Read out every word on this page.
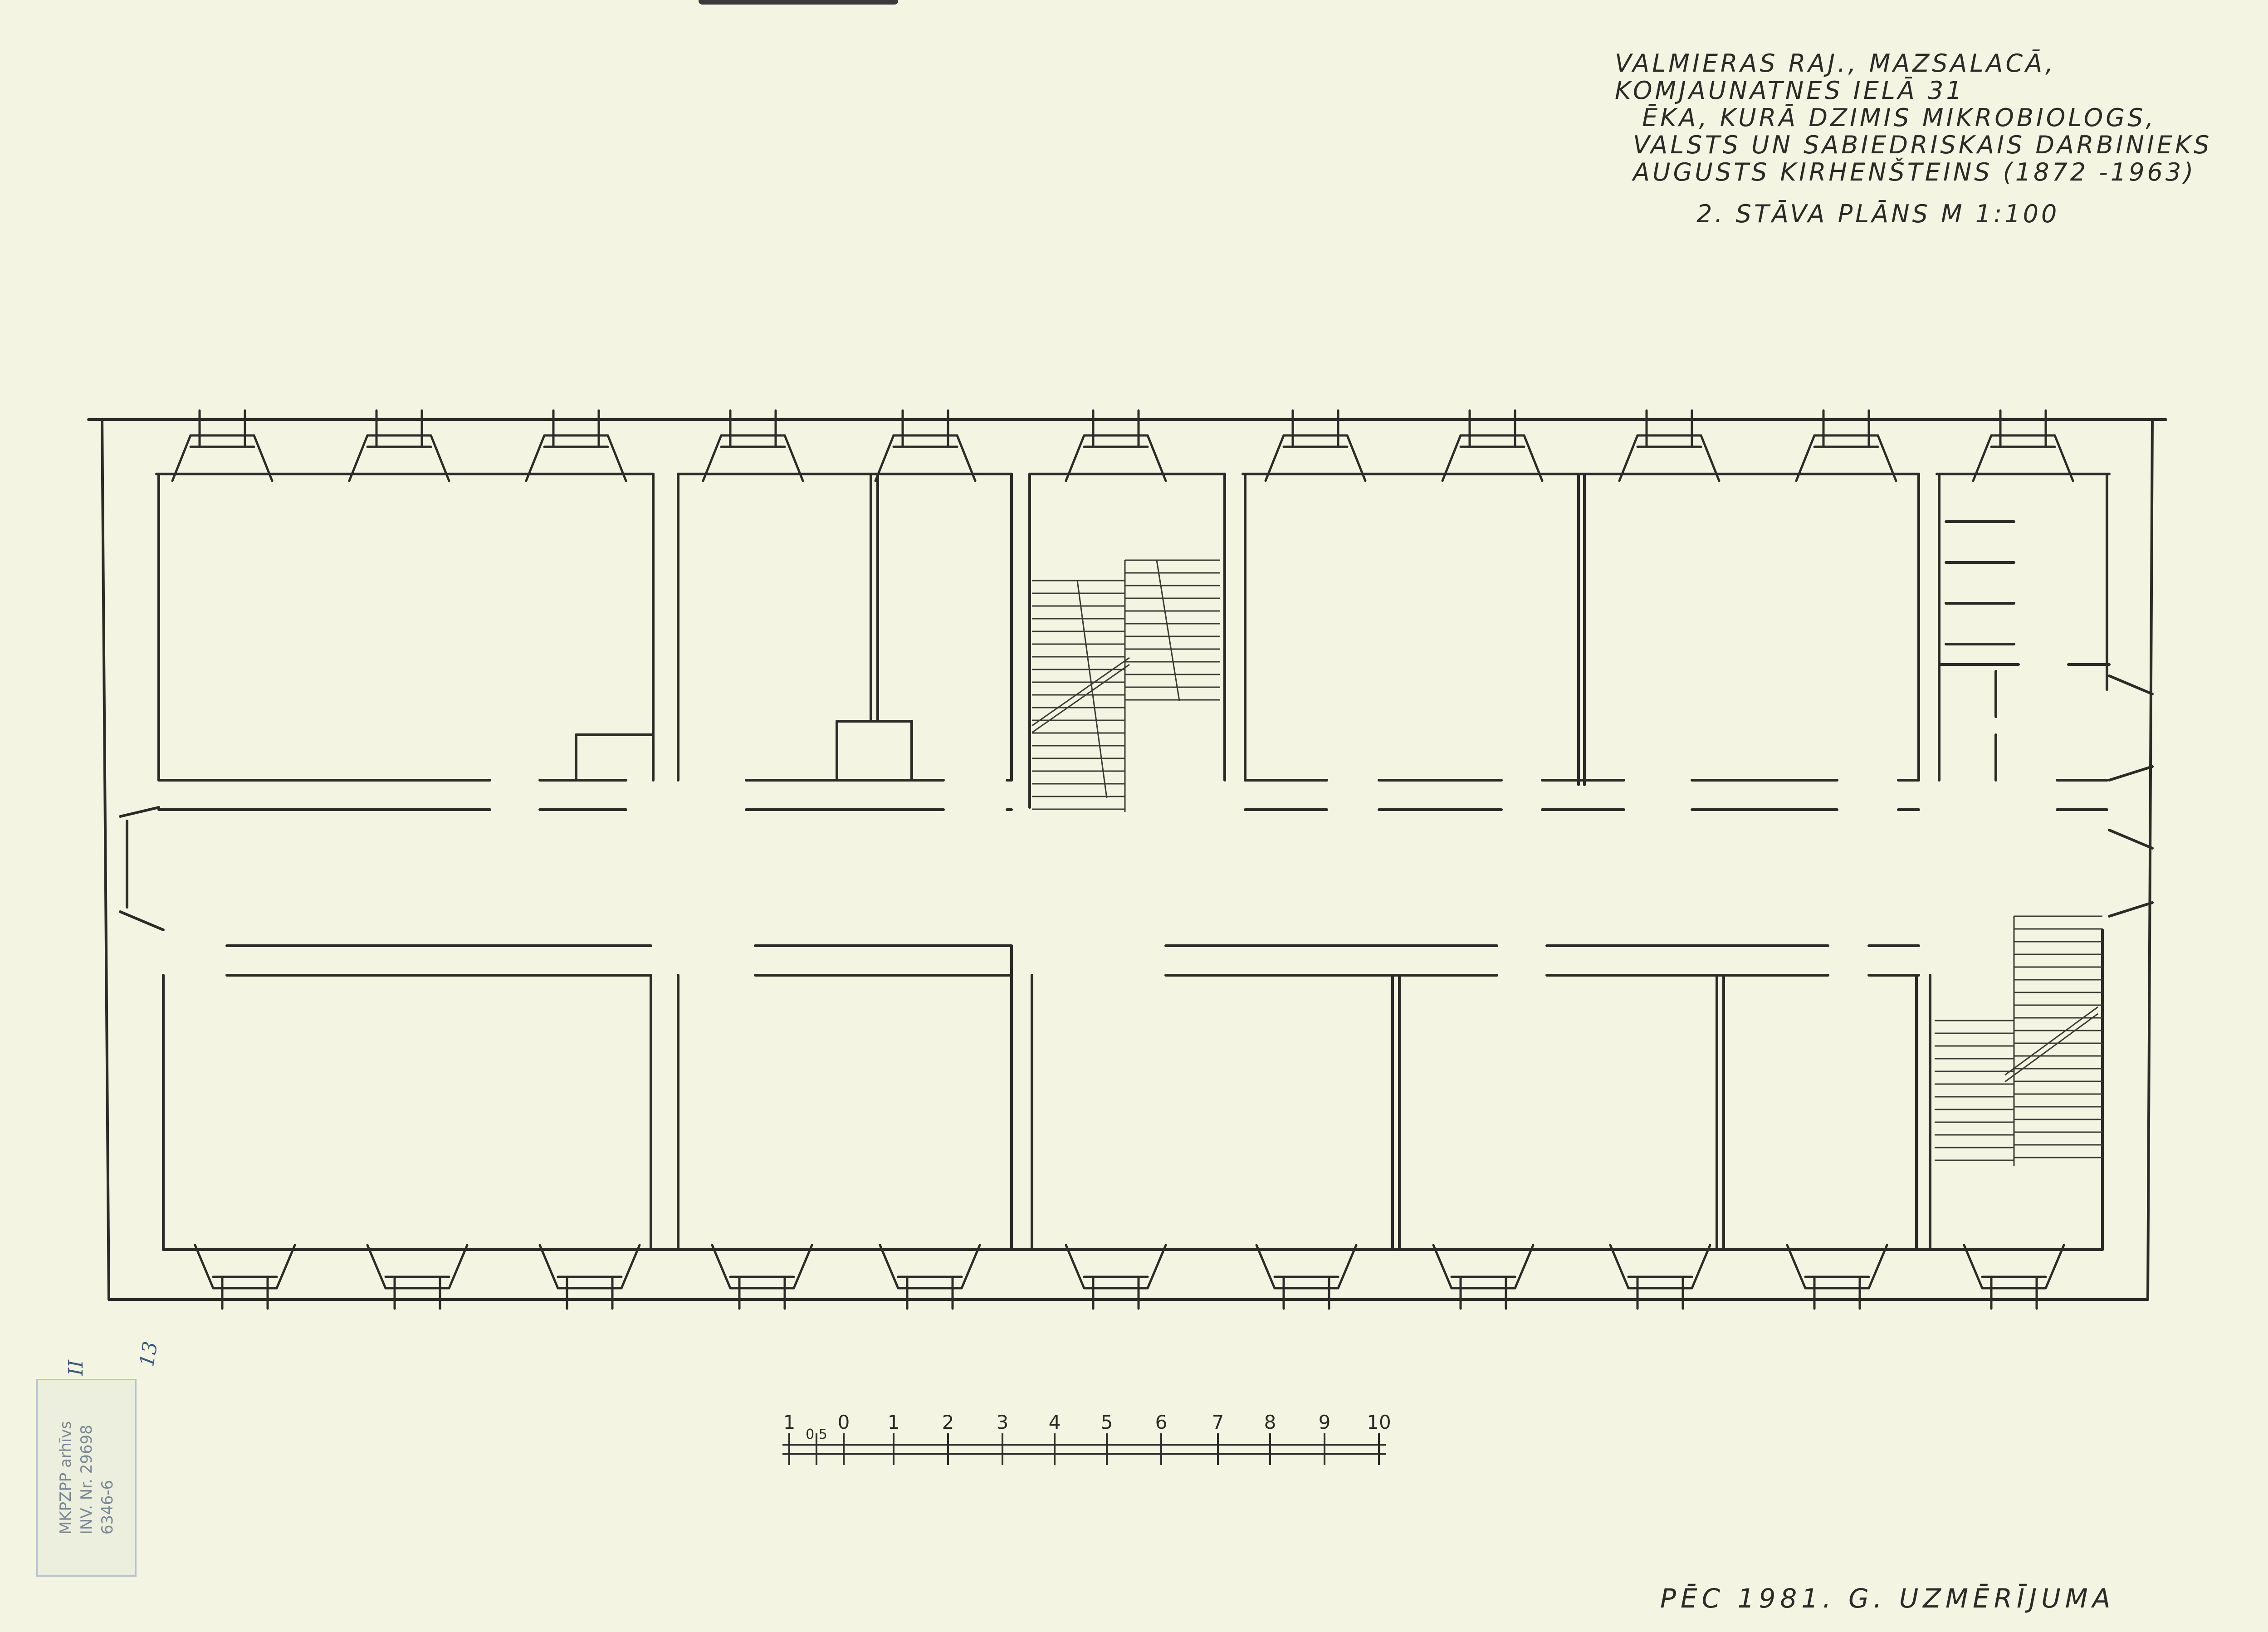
VALMIERAS RAJ., MAZSALACĀ,
KOMJAUNATNES IELĀ 31
ĒKA, KURĀ DZIMIS MIKROBIOLOGS,
VALSTS UN SABIEDRISKAIS DARBINIEKS
AUGUSTS KIRHENŠTEINS (1872 -1963)
2. STĀVA PLĀNS M 1:100
1
0,5
0 1 2 3 4 5 6 7 8 9 10
MKPZPP arhīvs INV. Nr. 29698 6346-6
13
II
PĒC 1981. G. UZMĒRĪJUMA
